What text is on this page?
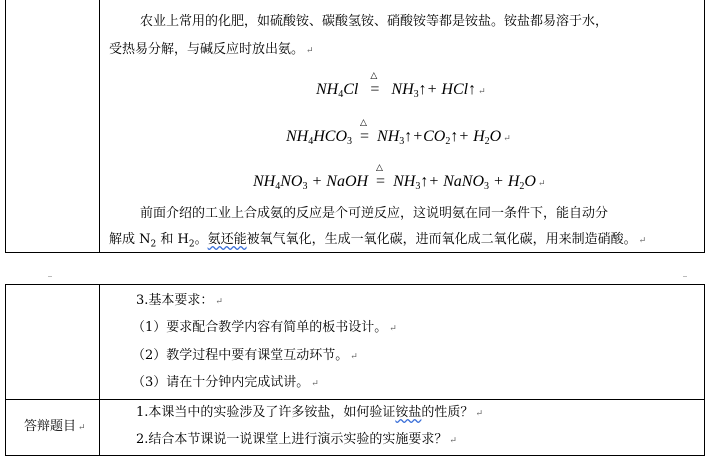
农业上常用的化肥，如硫酸铵、碳酸氢铵、硝酸铵等都是铵盐。铵盐都易溶于水，
受热易分解，与碱反应时放出氨。 ↵
$NH_4Cl$
△
= $NH_3↑+$ HCl↑ ↵
$NH_4HCO_3$
△
= $NH_3↑+CO_2↑+ H_2O$ ↵
$NH_4NO_3$ + NaOH
△
= $NH_3↑+$ NaNO$_3$ + $H_2O$ ↵
前面介绍的工业上合成氨的反应是个可逆反应，这说明氨在同一条件下，能自动分
解成 $N_2$ 和 $H_2$。氨还能被氧气氧化，生成一氧化碳，进而氧化成二氧化碳，用来制造硝酸。 ↵
3.基本要求： ↵
（1）要求配合教学内容有简单的板书设计。 ↵
（2）教学过程中要有课堂互动环节。 ↵
（3）请在十分钟内完成试讲。 ↵
答辩题目 ↵
1.本课当中的实验涉及了许多铵盐，如何验证铵盐的性质？ ↵
2.结合本节课说一说课堂上进行演示实验的实施要求？ ↵
